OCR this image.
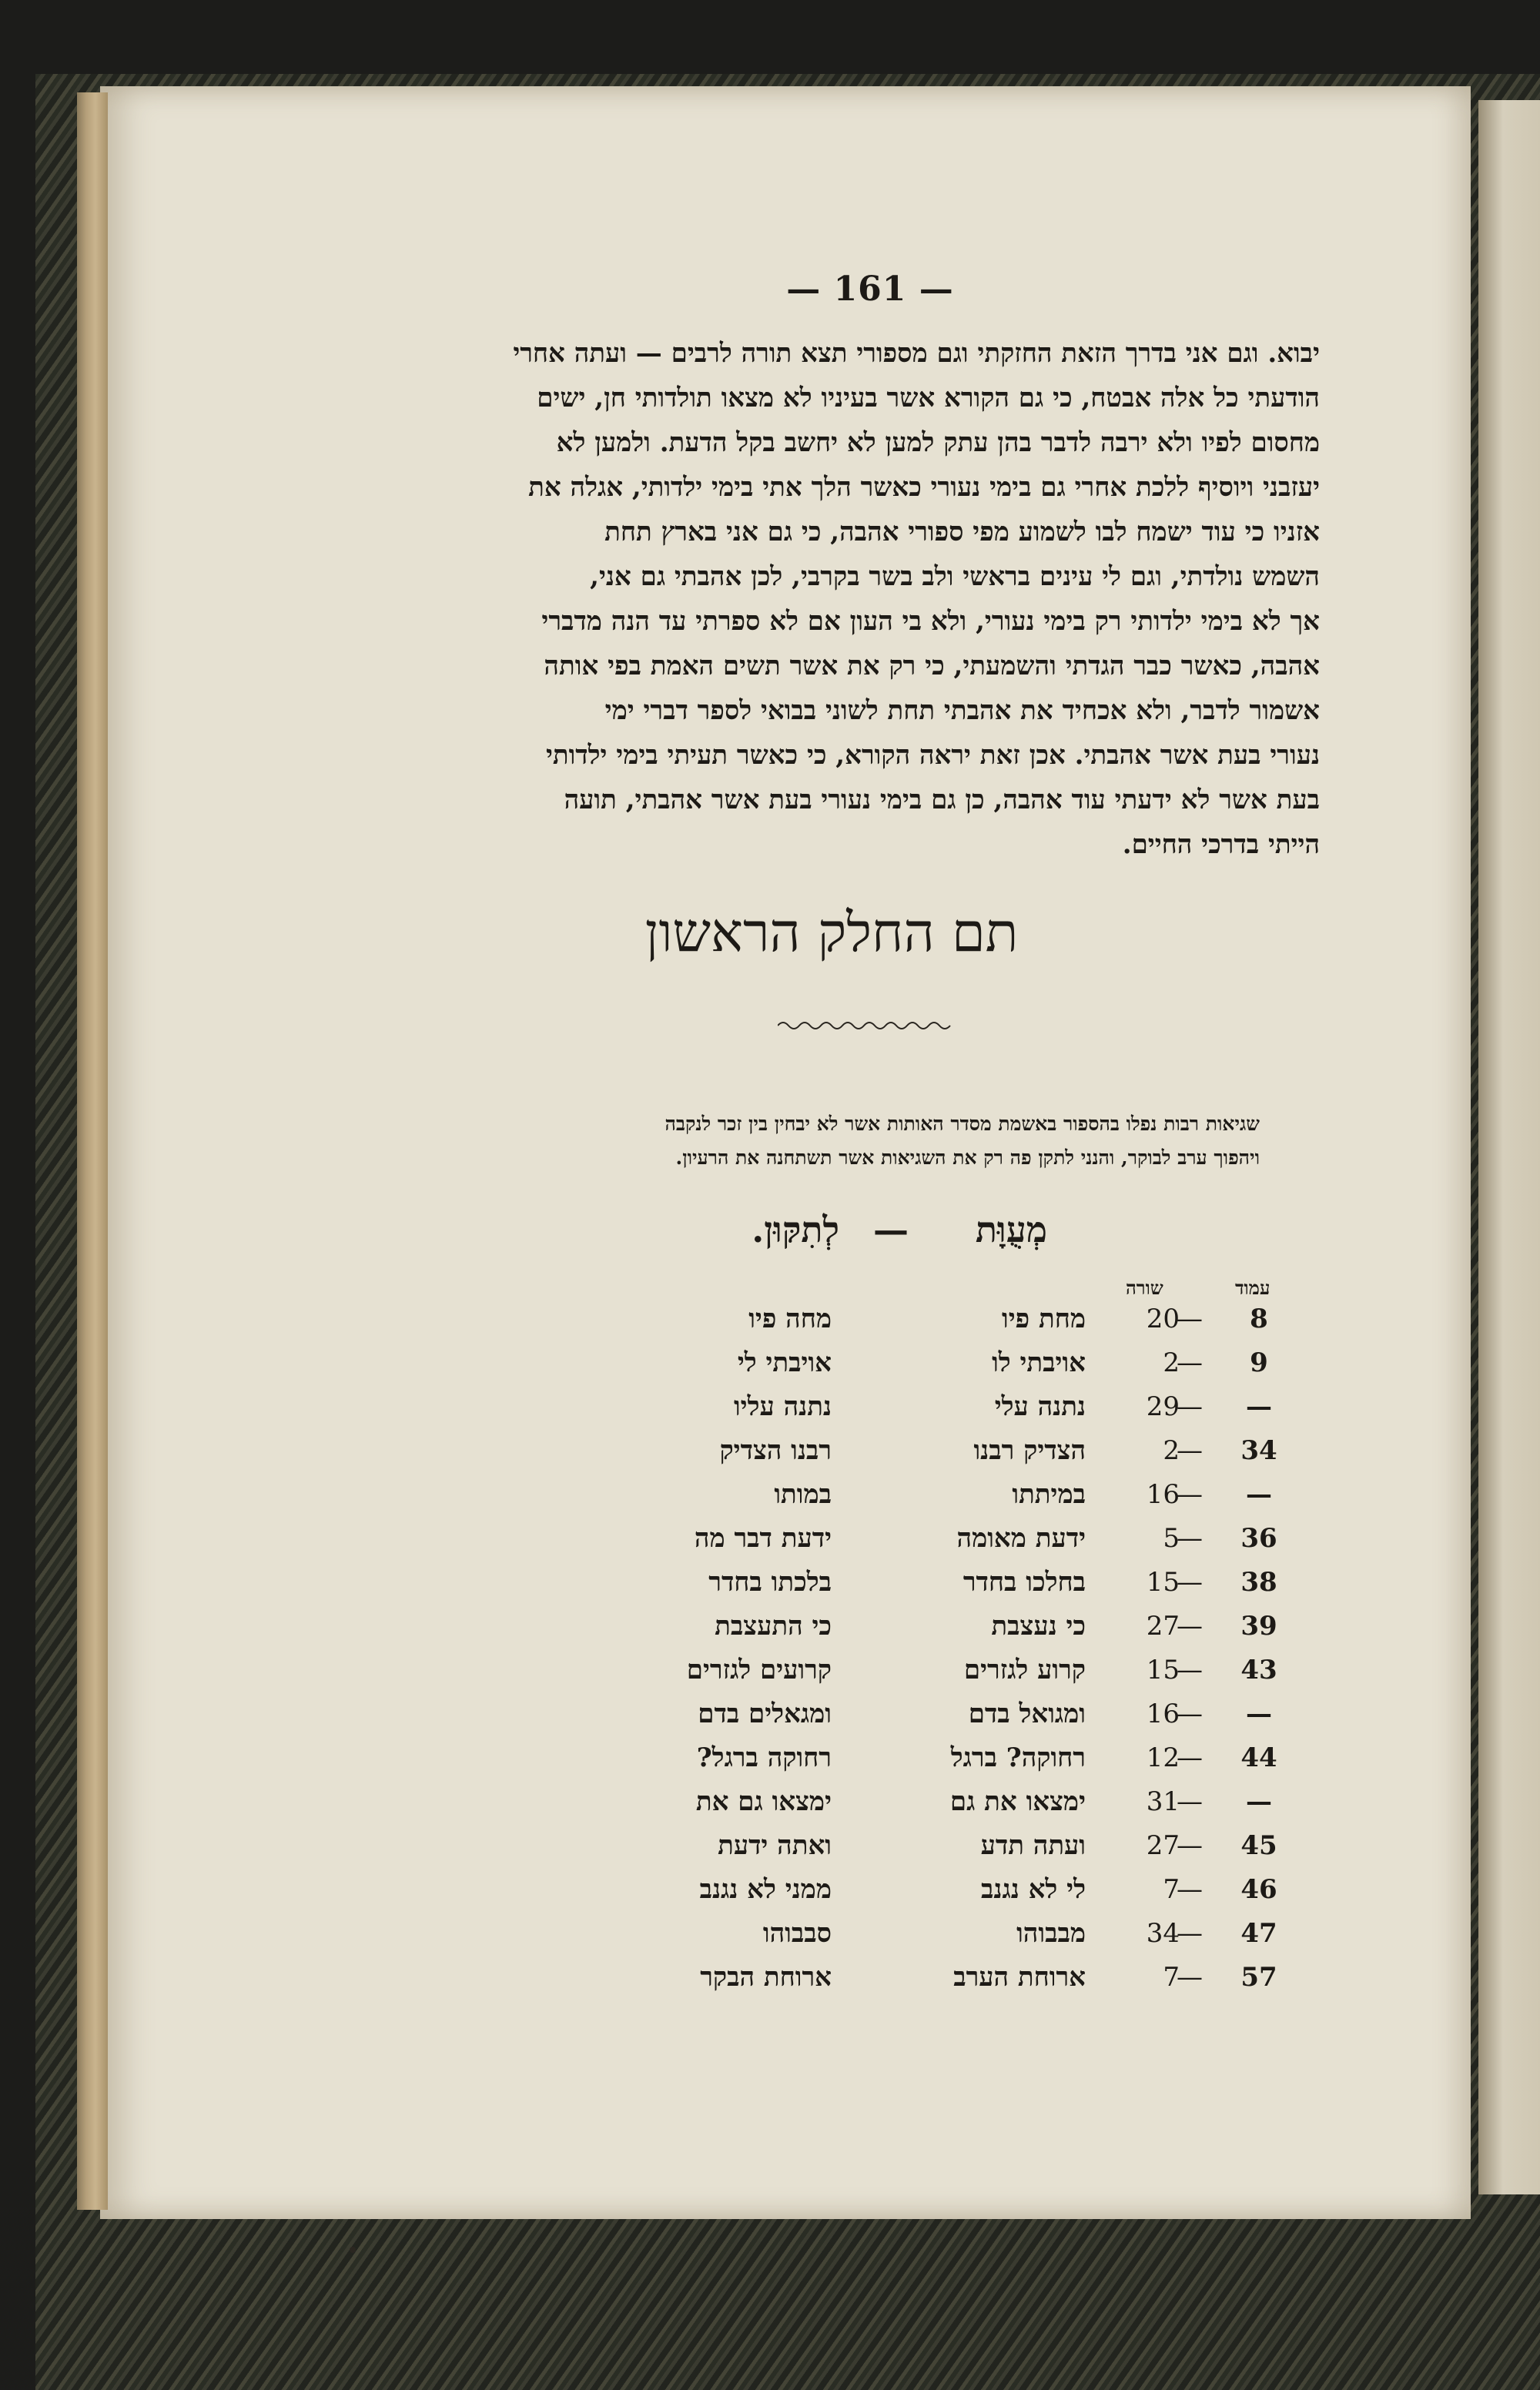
— 161 —
יבוא. וגם אני בדרך הזאת החזקתי וגם מספורי תצא תורה לרבים — ועתה אחרי
הודעתי כל אלה אבטח, כי גם הקורא אשר בעיניו לא מצאו תולדותי חן, ישים
מחסום לפיו ולא ירבה לדבר בהן עתק למען לא יחשב בקל הדעת. ולמען לא
יעזבני ויוסיף ללכת אחרי גם בימי נעורי כאשר הלך אתי בימי ילדותי, אגלה את
אזניו כי עוד ישמח לבו לשמוע מפי ספורי אהבה, כי גם אני בארץ תחת
השמש נולדתי, וגם לי עינים בראשי ולב בשר בקרבי, לכן אהבתי גם אני,
אך לא בימי ילדותי רק בימי נעורי, ולא בי העון אם לא ספרתי עד הנה מדברי
אהבה, כאשר כבר הגדתי והשמעתי, כי רק את אשר תשים האמת בפי אותה
אשמור לדבר, ולא אכחיד את אהבתי תחת לשוני בבואי לספר דברי ימי
נעורי בעת אשר אהבתי. אכן זאת יראה הקורא, כי כאשר תעיתי בימי ילדותי
בעת אשר לא ידעתי עוד אהבה, כן גם בימי נעורי בעת אשר אהבתי, תועה
הייתי בדרכי החיים.
תם החלק הראשון
שגיאות רבות נפלו בהספור באשמת מסדר האותות אשר לא יבחין בין זכר לנקבה
ויהפוך ערב לבוקר, והנני לתקן פה רק את השגיאות אשר תשתחנה את הרעיון.
מְעֻוָּת
—
לְתִקּוּן.
עמוד
שורה
8
—
20
מחת פיו
מחה פיו
9
—
2
אויבתי לו
אויבתי לי
—
—
29
נתנה עלי
נתנה עליו
34
—
2
הצדיק רבנו
רבנו הצדיק
—
—
16
במיתתו
במותו
36
—
5
ידעת מאומה
ידעת דבר מה
38
—
15
בחלכו בחדר
בלכתו בחדר
39
—
27
כי נעצבת
כי התעצבת
43
—
15
קרוע לגזרים
קרועים לגזרים
—
—
16
ומגואל בדם
ומגאלים בדם
44
—
12
רחוקה? ברגל
רחוקה ברגל?
—
—
31
ימצאו את גם
ימצאו גם את
45
—
27
ועתה תדע
ואתה ידעת
46
—
7
לי לא נגנב
ממני לא נגנב
47
—
34
מבבוהו
סבבוהו
57
—
7
ארוחת הערב
ארוחת הבקר
